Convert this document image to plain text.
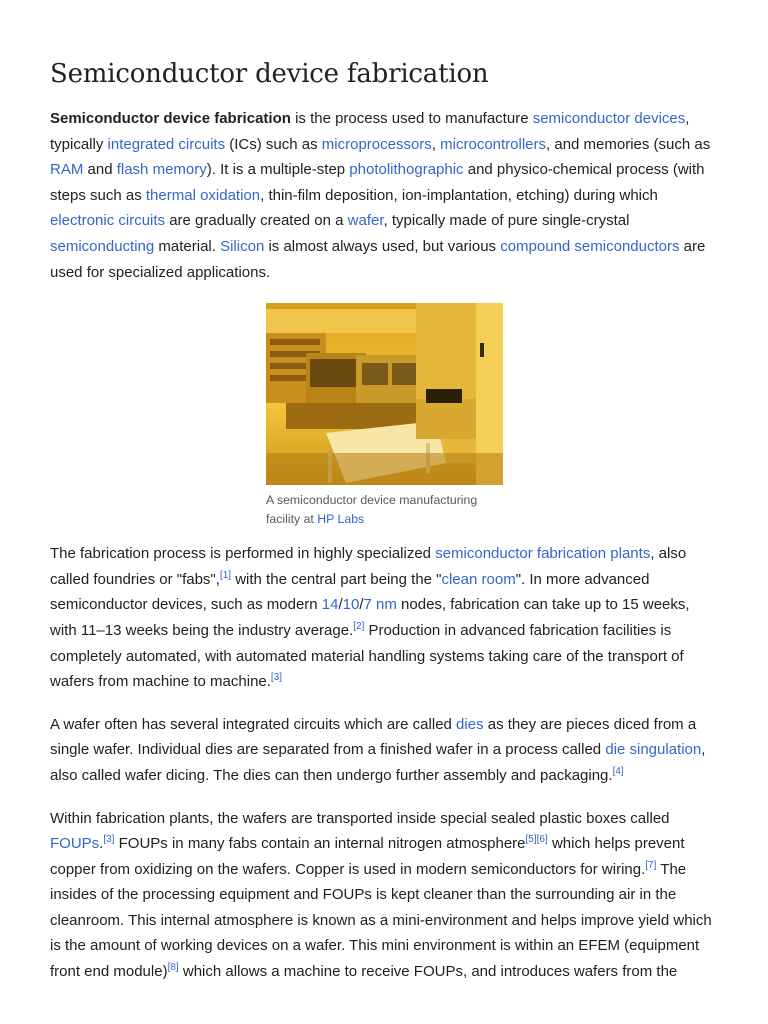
Semiconductor device fabrication

Semiconductor device fabrication is the process used to manufacture semiconductor devices, typically integrated circuits (ICs) such as microprocessors, microcontrollers, and memories (such as RAM and flash memory). It is a multiple-step photolithographic and physico-chemical process (with steps such as thermal oxidation, thin-film deposition, ion-implantation, etching) during which electronic circuits are gradually created on a wafer, typically made of pure single-crystal semiconducting material. Silicon is almost always used, but various compound semiconductors are used for specialized applications.

A semiconductor device manufacturing facility at HP Labs

The fabrication process is performed in highly specialized semiconductor fabrication plants, also called foundries or "fabs",[1] with the central part being the "clean room". In more advanced semiconductor devices, such as modern 14/10/7 nm nodes, fabrication can take up to 15 weeks, with 11–13 weeks being the industry average.[2] Production in advanced fabrication facilities is completely automated, with automated material handling systems taking care of the transport of wafers from machine to machine.[3]

A wafer often has several integrated circuits which are called dies as they are pieces diced from a single wafer. Individual dies are separated from a finished wafer in a process called die singulation, also called wafer dicing. The dies can then undergo further assembly and packaging.[4]

Within fabrication plants, the wafers are transported inside special sealed plastic boxes called FOUPs.[3] FOUPs in many fabs contain an internal nitrogen atmosphere[5][6] which helps prevent copper from oxidizing on the wafers. Copper is used in modern semiconductors for wiring.[7] The insides of the processing equipment and FOUPs is kept cleaner than the surrounding air in the cleanroom. This internal atmosphere is known as a mini-environment and helps improve yield which is the amount of working devices on a wafer. This mini environment is within an EFEM (equipment front end module)[8] which allows a machine to receive FOUPs, and introduces wafers from the
